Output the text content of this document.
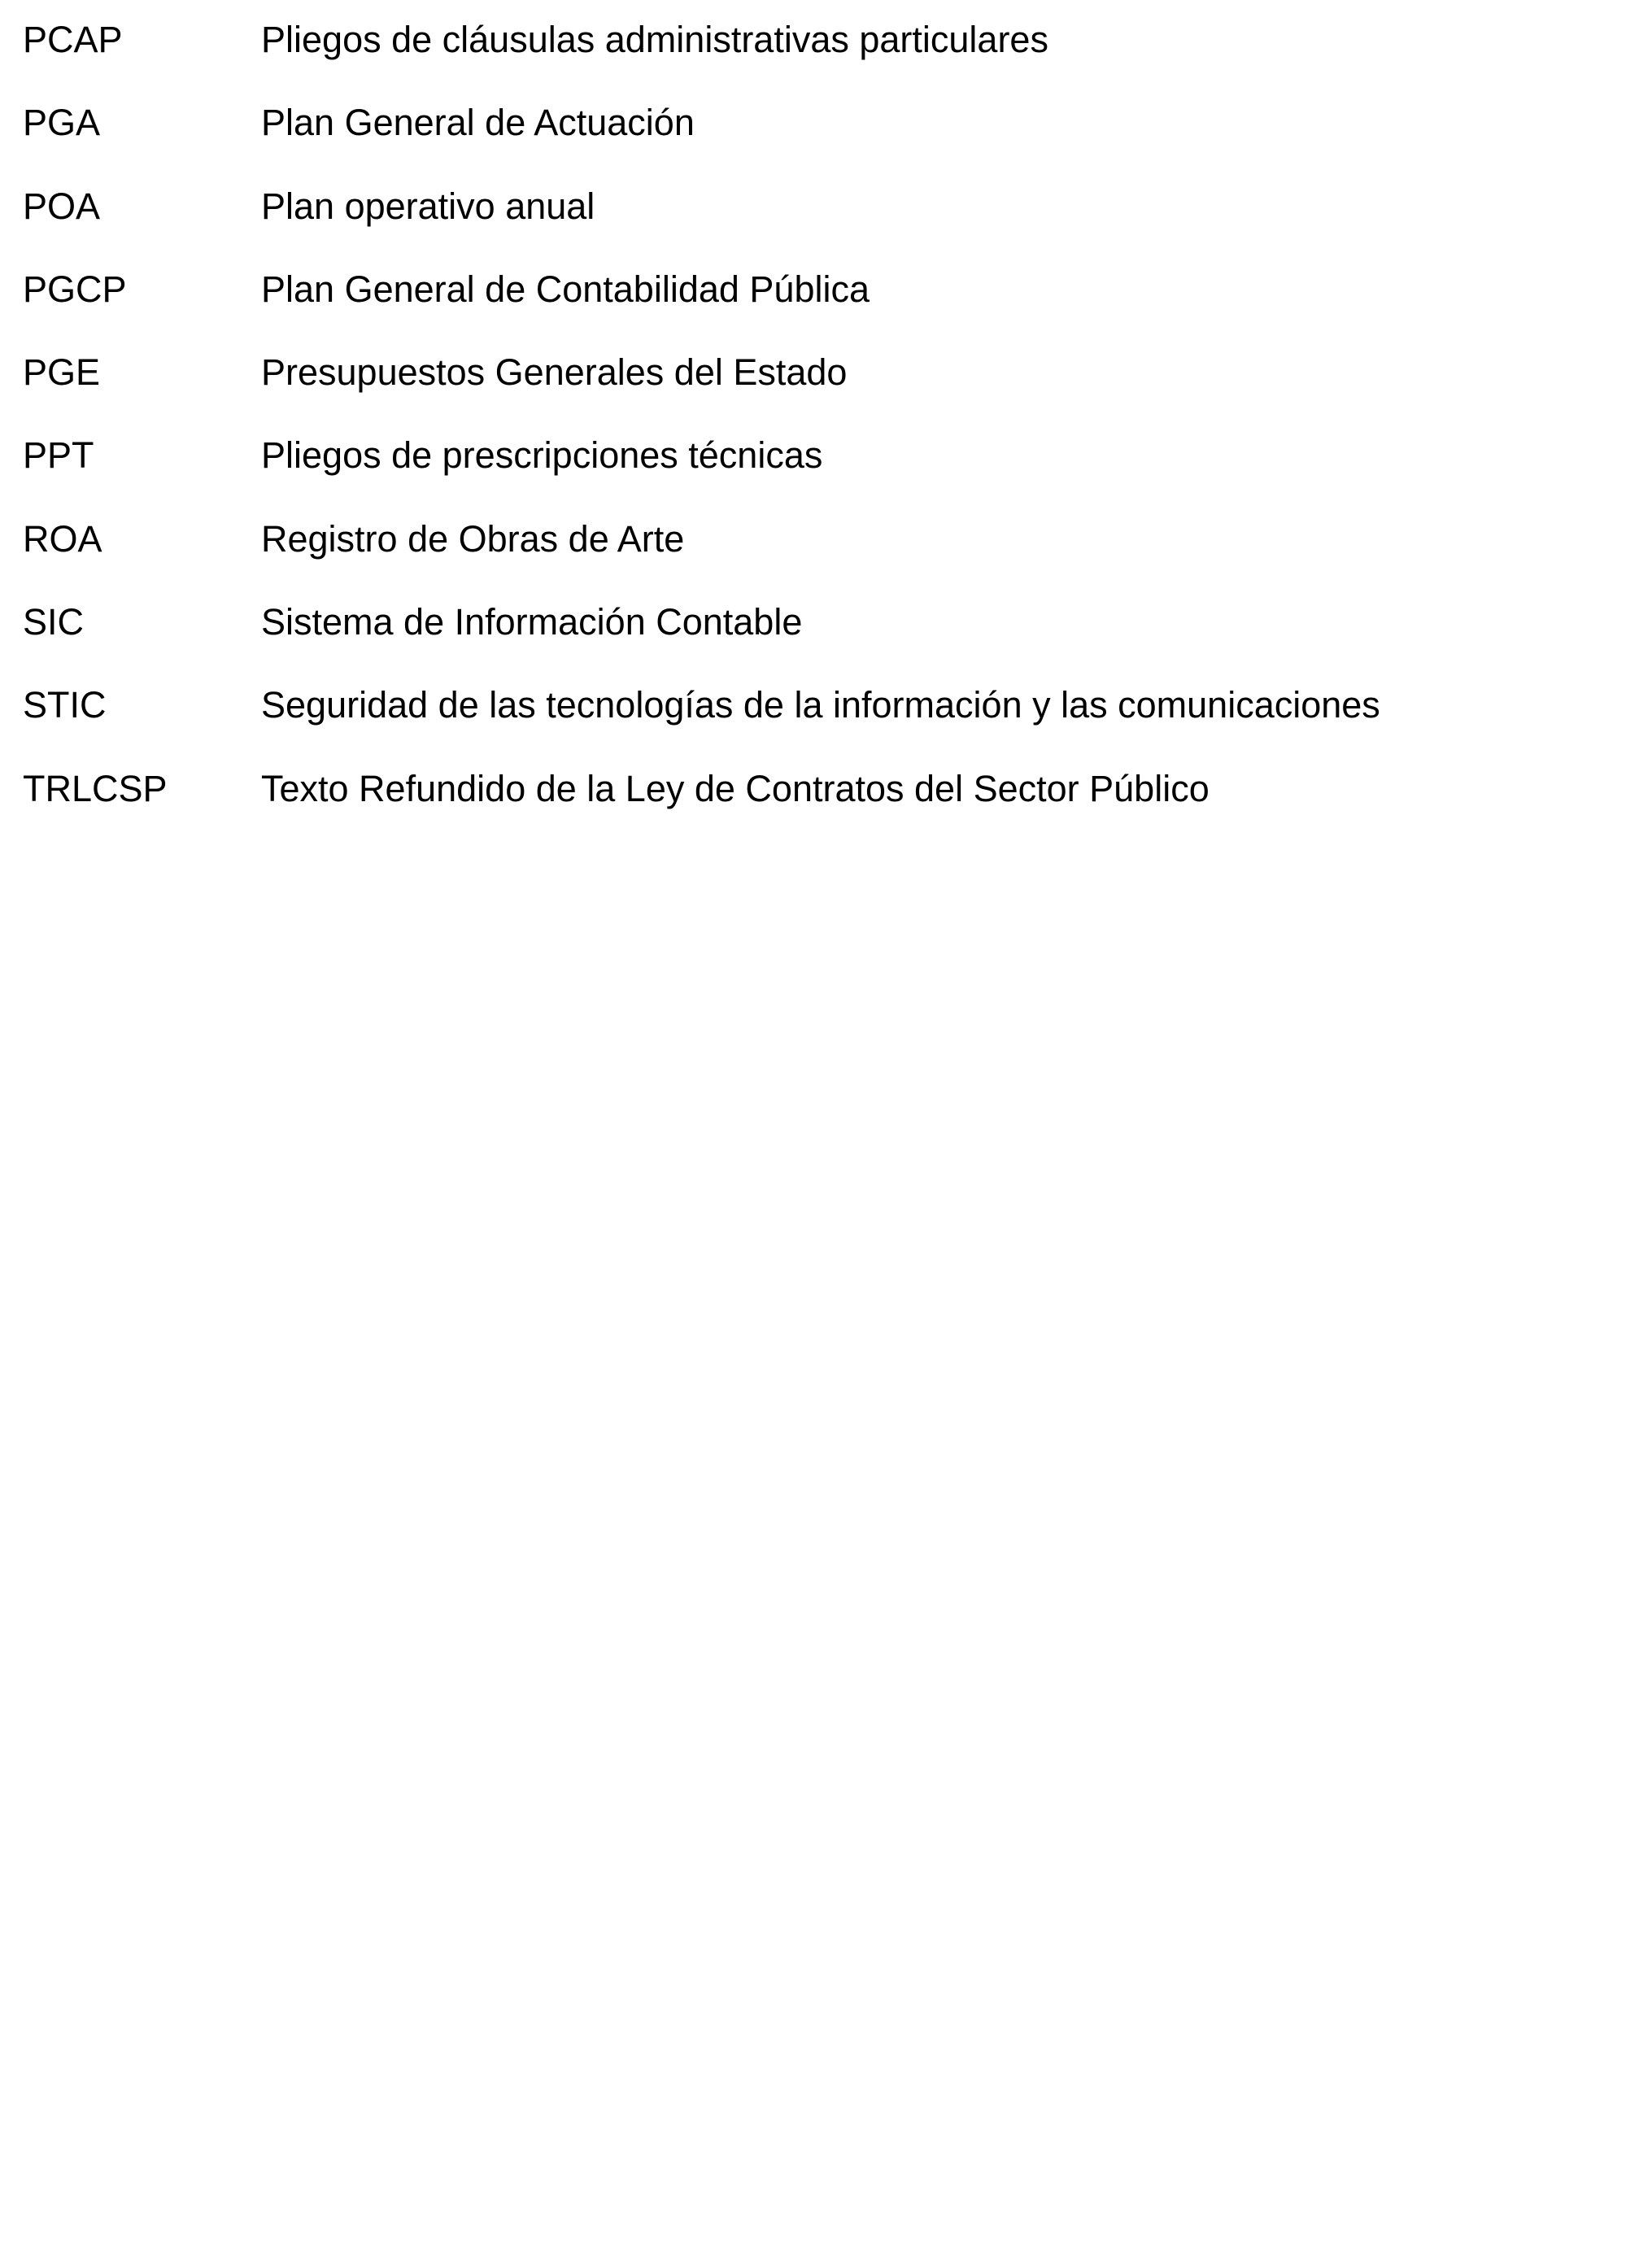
PCAP	Pliegos de cláusulas administrativas particulares
PGA	Plan General de Actuación
POA	Plan operativo anual
PGCP	Plan General de Contabilidad Pública
PGE	Presupuestos Generales del Estado
PPT	Pliegos de prescripciones técnicas
ROA	Registro de Obras de Arte
SIC	Sistema de Información Contable
STIC	Seguridad de las tecnologías de la información y las comunicaciones
TRLCSP	Texto Refundido de la Ley de Contratos del Sector Público
